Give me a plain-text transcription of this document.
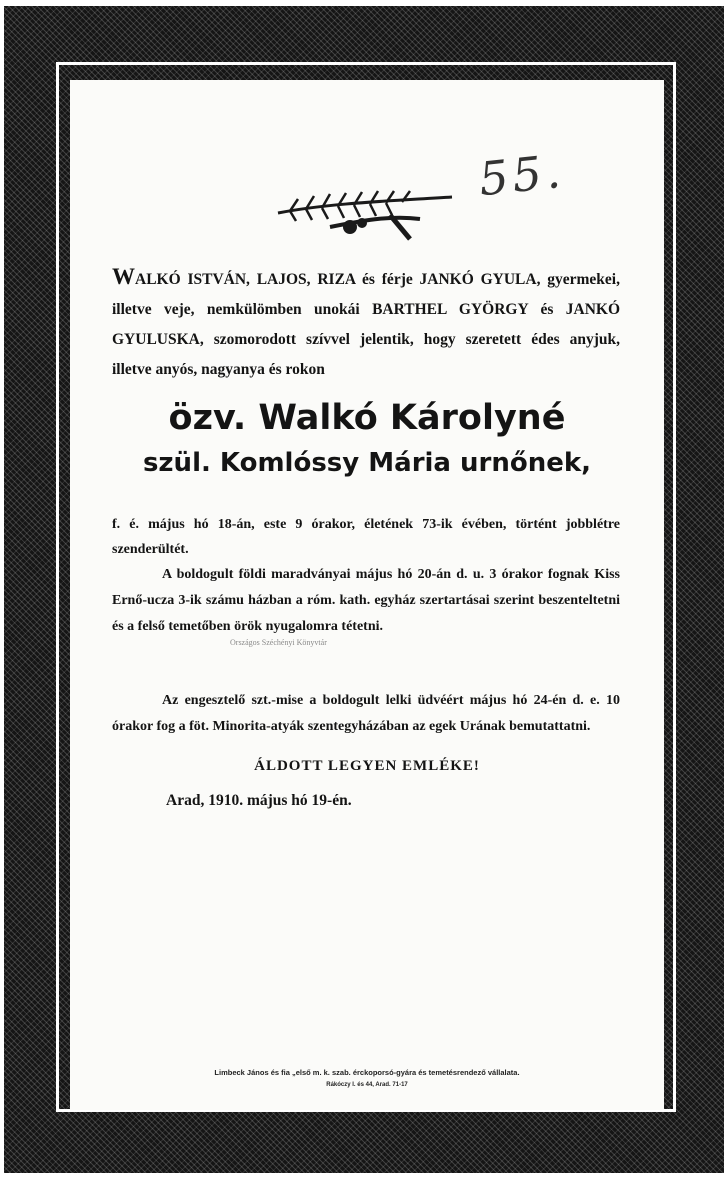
55.
WALKÓ ISTVÁN, LAJOS, RIZA és férje JANKÓ GYULA, gyermekei, illetve veje, nemkülömben unokái BARTHEL GYÖRGY és JANKÓ GYULUSKA, szomorodott szívvel jelentik, hogy szeretett édes anyjuk, illetve anyós, nagyanya és rokon
özv. Walkó Károlyné
szül. Komlóssy Mária urnőnek,
f. é. május hó 18-án, este 9 órakor, életének 73-ik évében, történt jobblétre szenderültét.
A boldogult földi maradványai május hó 20-án d. u. 3 órakor fognak Kiss Ernő-ucza 3-ik számu házban a róm. kath. egyház szertartásai szerint beszenteltetni és a felső temetőben örök nyugalomra tétetni.
Országos Széchényi Könyvtár
Az engesztelő szt.-mise a boldogult lelki üdvéért május hó 24-én d. e. 10 órakor fog a föt. Minorita-atyák szentegyházában az egek Urának bemutattatni.
ÁLDOTT LEGYEN EMLÉKE!
Arad, 1910. május hó 19-én.
Limbeck János és fia „első m. k. szab. érckoporsó-gyára és temetésrendező vállalata.
Rákóczy I. és 44, Arad. 71-17
